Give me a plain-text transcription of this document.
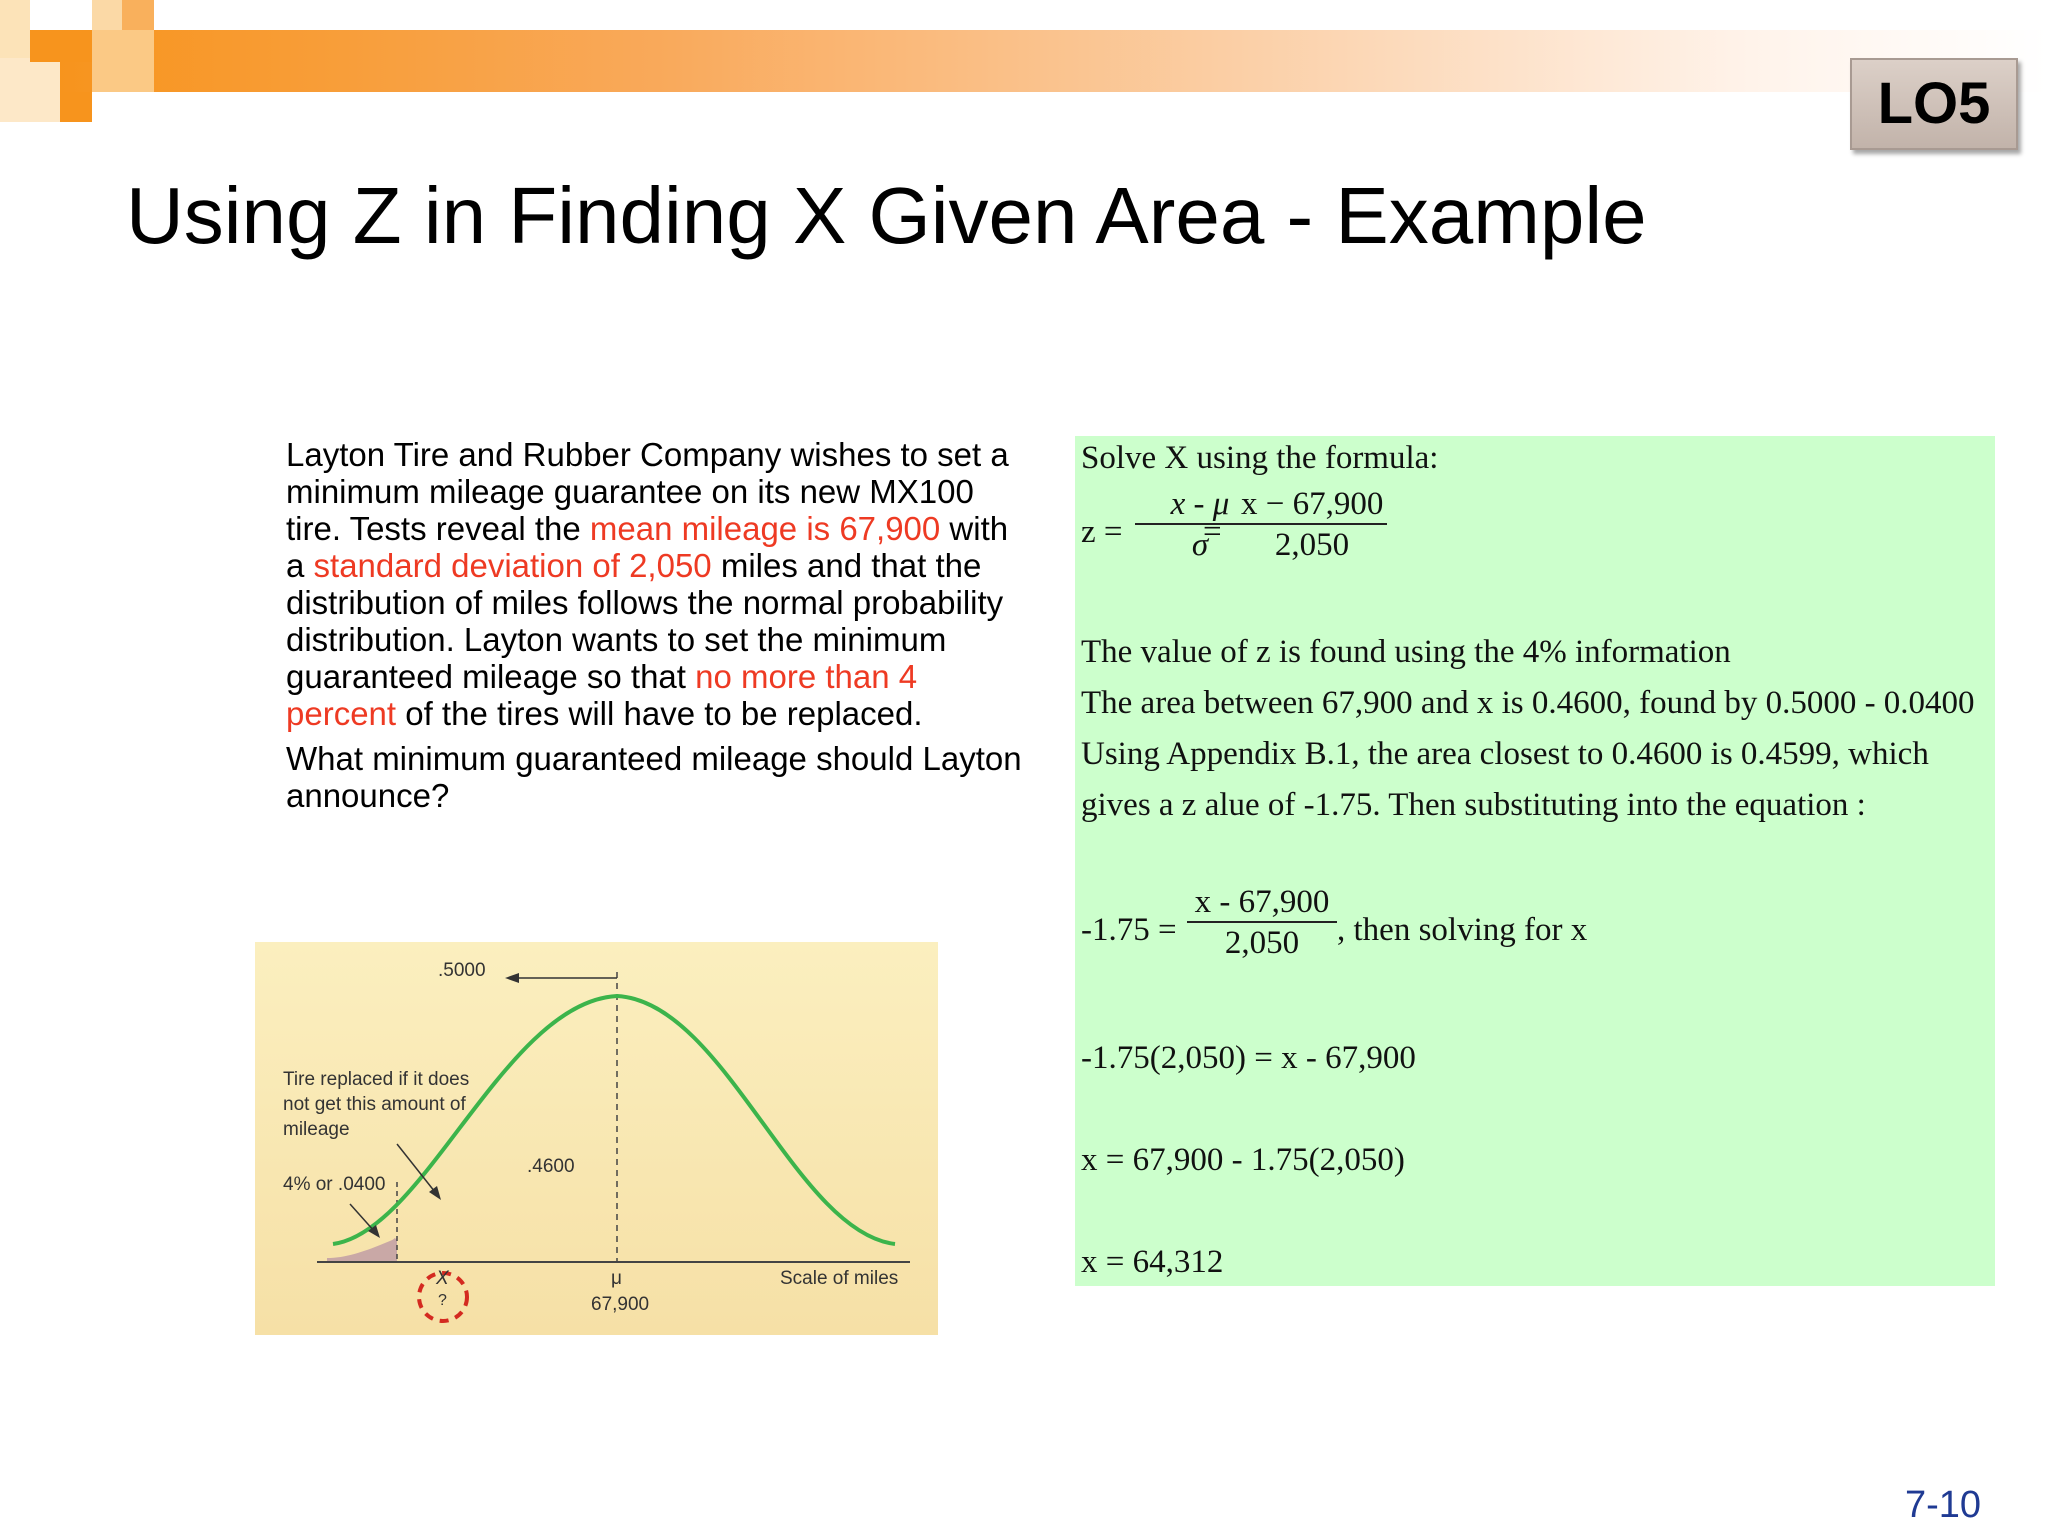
LO5
Using Z in Finding X Given Area - Example

Layton Tire and Rubber Company wishes to set a minimum mileage guarantee on its new MX100 tire. Tests reveal the mean mileage is 67,900 with a standard deviation of 2,050 miles and that the distribution of miles follows the normal probability distribution. Layton wants to set the minimum guaranteed mileage so that no more than 4 percent of the tires will have to be replaced.

What minimum guaranteed mileage should Layton announce?

.5000
.4600
4% or .0400
Tire replaced if it does
not get this amount of
mileage
X
?
μ
67,900
Scale of miles
Solve X using the formula:
$z = \frac{x - \mu}{\sigma}$
= $\frac{x - 67,900}{2,050}$
The value of z is found using the 4% information
The area between 67,900 and x is 0.4600, found by 0.5000 - 0.0400
Using Appendix B.1, the area closest to 0.4600 is 0.4599, which
gives a z alue of -1.75. Then substituting into the equation :
$-1.75 = \frac{x - 67,900}{2,050}$ , then solving for x
-1.75(2,050) = x - 67,900
x = 67,900 - 1.75(2,050)
x = 64,312
7-10
